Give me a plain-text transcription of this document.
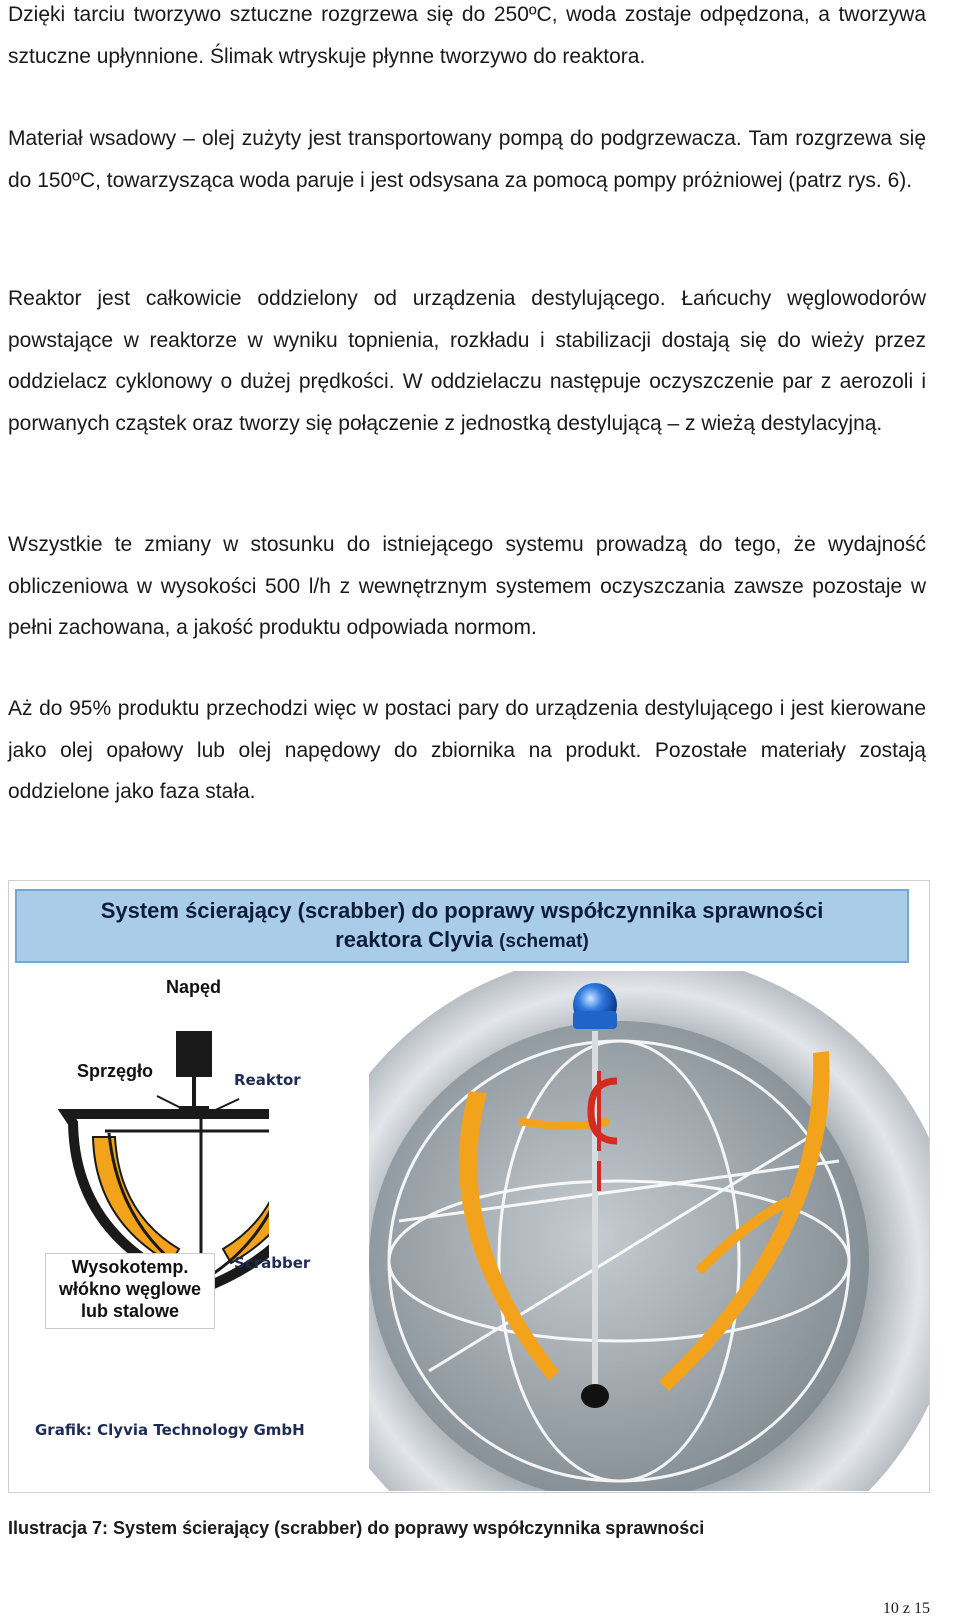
Dzięki tarciu tworzywo sztuczne rozgrzewa się do 250ºC, woda zostaje odpędzona, a tworzywa sztuczne upłynnione. Ślimak wtryskuje płynne tworzywo do reaktora.

Materiał wsadowy – olej zużyty jest transportowany pompą do podgrzewacza. Tam rozgrzewa się do 150ºC, towarzysząca woda paruje i jest odsysana za pomocą pompy próżniowej (patrz rys. 6).

Reaktor jest całkowicie oddzielony od urządzenia destylującego. Łańcuchy węglowodorów powstające w reaktorze w wyniku topnienia, rozkładu i stabilizacji dostają się do wieży przez oddzielacz cyklonowy o dużej prędkości. W oddzielaczu następuje oczyszczenie par z aerozoli i porwanych cząstek oraz tworzy się połączenie z jednostką destylującą – z wieżą destylacyjną.

Wszystkie te zmiany w stosunku do istniejącego systemu prowadzą do tego, że wydajność obliczeniowa w wysokości 500 l/h z wewnętrznym systemem oczyszczania zawsze pozostaje w pełni zachowana, a jakość produktu odpowiada normom.

Aż do 95% produktu przechodzi więc w postaci pary do urządzenia destylującego i jest kierowane jako olej opałowy lub olej napędowy do zbiornika na produkt. Pozostałe materiały zostają oddzielone jako faza stała.

System ścierający (scrabber) do poprawy współczynnika sprawności

reaktora Clyvia (schemat)

Napęd
Sprzęgło	Reaktor
Scrabber
Wysokotemp.
włókno węglowe
lub stalowe
Grafik: Clyvia Technology GmbH

Ilustracja 7: System ścierający (scrabber) do poprawy współczynnika sprawności

10 z 15
